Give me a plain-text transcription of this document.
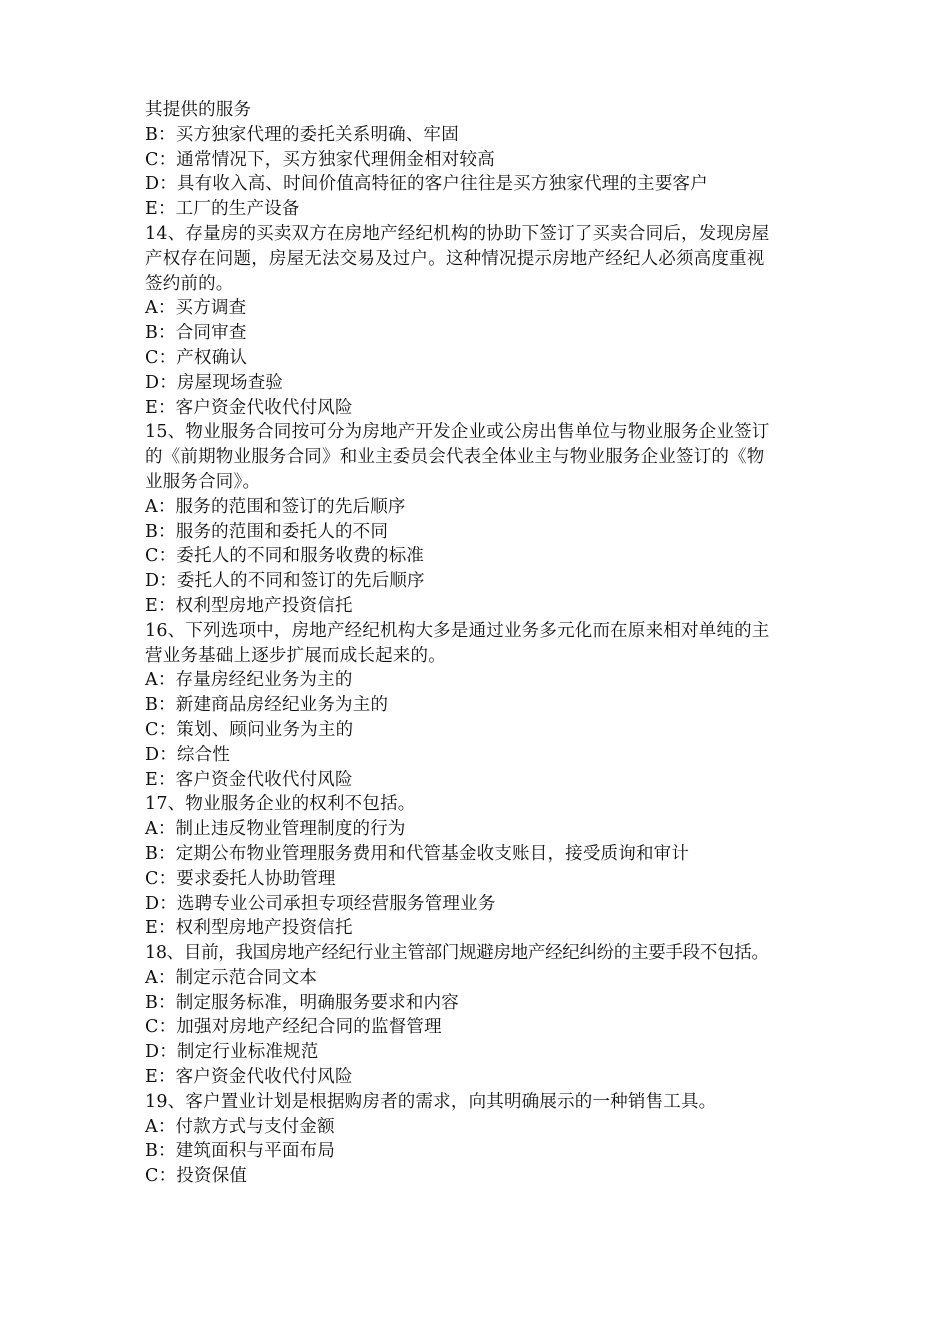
其提供的服务
B：买方独家代理的委托关系明确、牢固
C：通常情况下，买方独家代理佣金相对较高
D：具有收入高、时间价值高特征的客户往往是买方独家代理的主要客户
E：工厂的生产设备
14、存量房的买卖双方在房地产经纪机构的协助下签订了买卖合同后，发现房屋
产权存在问题，房屋无法交易及过户。这种情况提示房地产经纪人必须高度重视
签约前的。
A：买方调查
B：合同审查
C：产权确认
D：房屋现场查验
E：客户资金代收代付风险
15、物业服务合同按可分为房地产开发企业或公房出售单位与物业服务企业签订
的《前期物业服务合同》和业主委员会代表全体业主与物业服务企业签订的《物
业服务合同》。
A：服务的范围和签订的先后顺序
B：服务的范围和委托人的不同
C：委托人的不同和服务收费的标准
D：委托人的不同和签订的先后顺序
E：权利型房地产投资信托
16、下列选项中，房地产经纪机构大多是通过业务多元化而在原来相对单纯的主
营业务基础上逐步扩展而成长起来的。
A：存量房经纪业务为主的
B：新建商品房经纪业务为主的
C：策划、顾问业务为主的
D：综合性
E：客户资金代收代付风险
17、物业服务企业的权利不包括。
A：制止违反物业管理制度的行为
B：定期公布物业管理服务费用和代管基金收支账目，接受质询和审计
C：要求委托人协助管理
D：选聘专业公司承担专项经营服务管理业务
E：权利型房地产投资信托
18、目前，我国房地产经纪行业主管部门规避房地产经纪纠纷的主要手段不包括。
A：制定示范合同文本
B：制定服务标准，明确服务要求和内容
C：加强对房地产经纪合同的监督管理
D：制定行业标准规范
E：客户资金代收代付风险
19、客户置业计划是根据购房者的需求，向其明确展示的一种销售工具。
A：付款方式与支付金额
B：建筑面积与平面布局
C：投资保值
